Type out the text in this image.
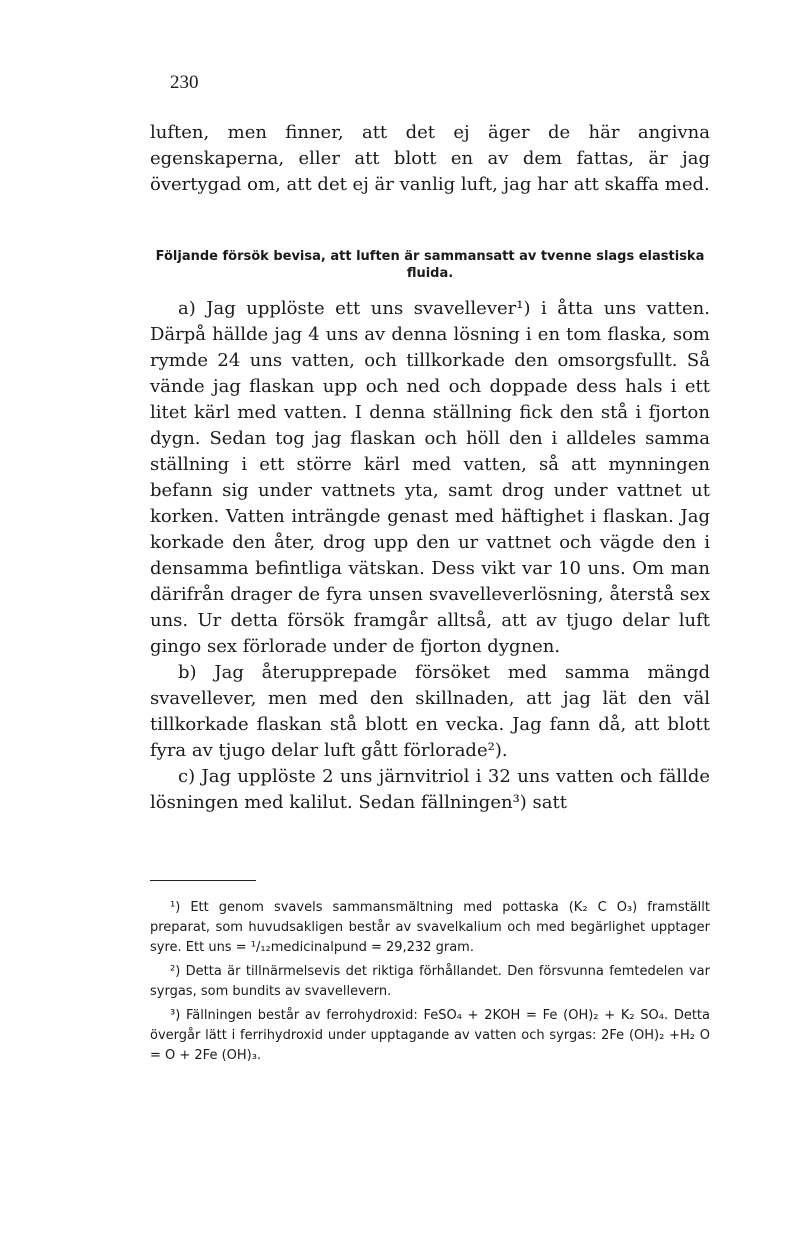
230
luften, men finner, att det ej äger de här angivna egenskaperna, eller att blott en av dem fattas, är jag övertygad om, att det ej är vanlig luft, jag har att skaffa med.
Följande försök bevisa, att luften är sammansatt av tvenne slags elastiska fluida.

a) Jag upplöste ett uns svavellever¹) i åtta uns vatten. Därpå hällde jag 4 uns av denna lösning i en tom flaska, som rymde 24 uns vatten, och tillkorkade den omsorgsfullt. Så vände jag flaskan upp och ned och doppade dess hals i ett litet kärl med vatten. I denna ställning fick den stå i fjorton dygn. Sedan tog jag flaskan och höll den i alldeles samma ställning i ett större kärl med vatten, så att mynningen befann sig under vattnets yta, samt drog under vattnet ut korken. Vatten inträngde genast med häftighet i flaskan. Jag korkade den åter, drog upp den ur vattnet och vägde den i densamma befintliga vätskan. Dess vikt var 10 uns. Om man därifrån drager de fyra unsen svavelleverlösning, återstå sex uns. Ur detta försök framgår alltså, att av tjugo delar luft gingo sex förlorade under de fjorton dygnen.

b) Jag återupprepade försöket med samma mängd svavellever, men med den skillnaden, att jag lät den väl tillkorkade flaskan stå blott en vecka. Jag fann då, att blott fyra av tjugo delar luft gått förlorade²).

c) Jag upplöste 2 uns järnvitriol i 32 uns vatten och fällde lösningen med kalilut. Sedan fällningen³) satt

¹) Ett genom svavels sammansmältning med pottaska (K₂ C O₃) framställt preparat, som huvudsakligen består av svavelkalium och med begärlighet upptager syre. Ett uns = ¹/₁₂medicinalpund = 29,232 gram.

²) Detta är tillnärmelsevis det riktiga förhållandet. Den försvunna femtedelen var syrgas, som bundits av svavellevern.

³) Fällningen består av ferrohydroxid: FeSO₄ + 2KOH = Fe (OH)₂ + K₂ SO₄. Detta övergår lätt i ferrihydroxid under upptagande av vatten och syrgas: 2Fe (OH)₂ +H₂ O = O + 2Fe (OH)₃.
